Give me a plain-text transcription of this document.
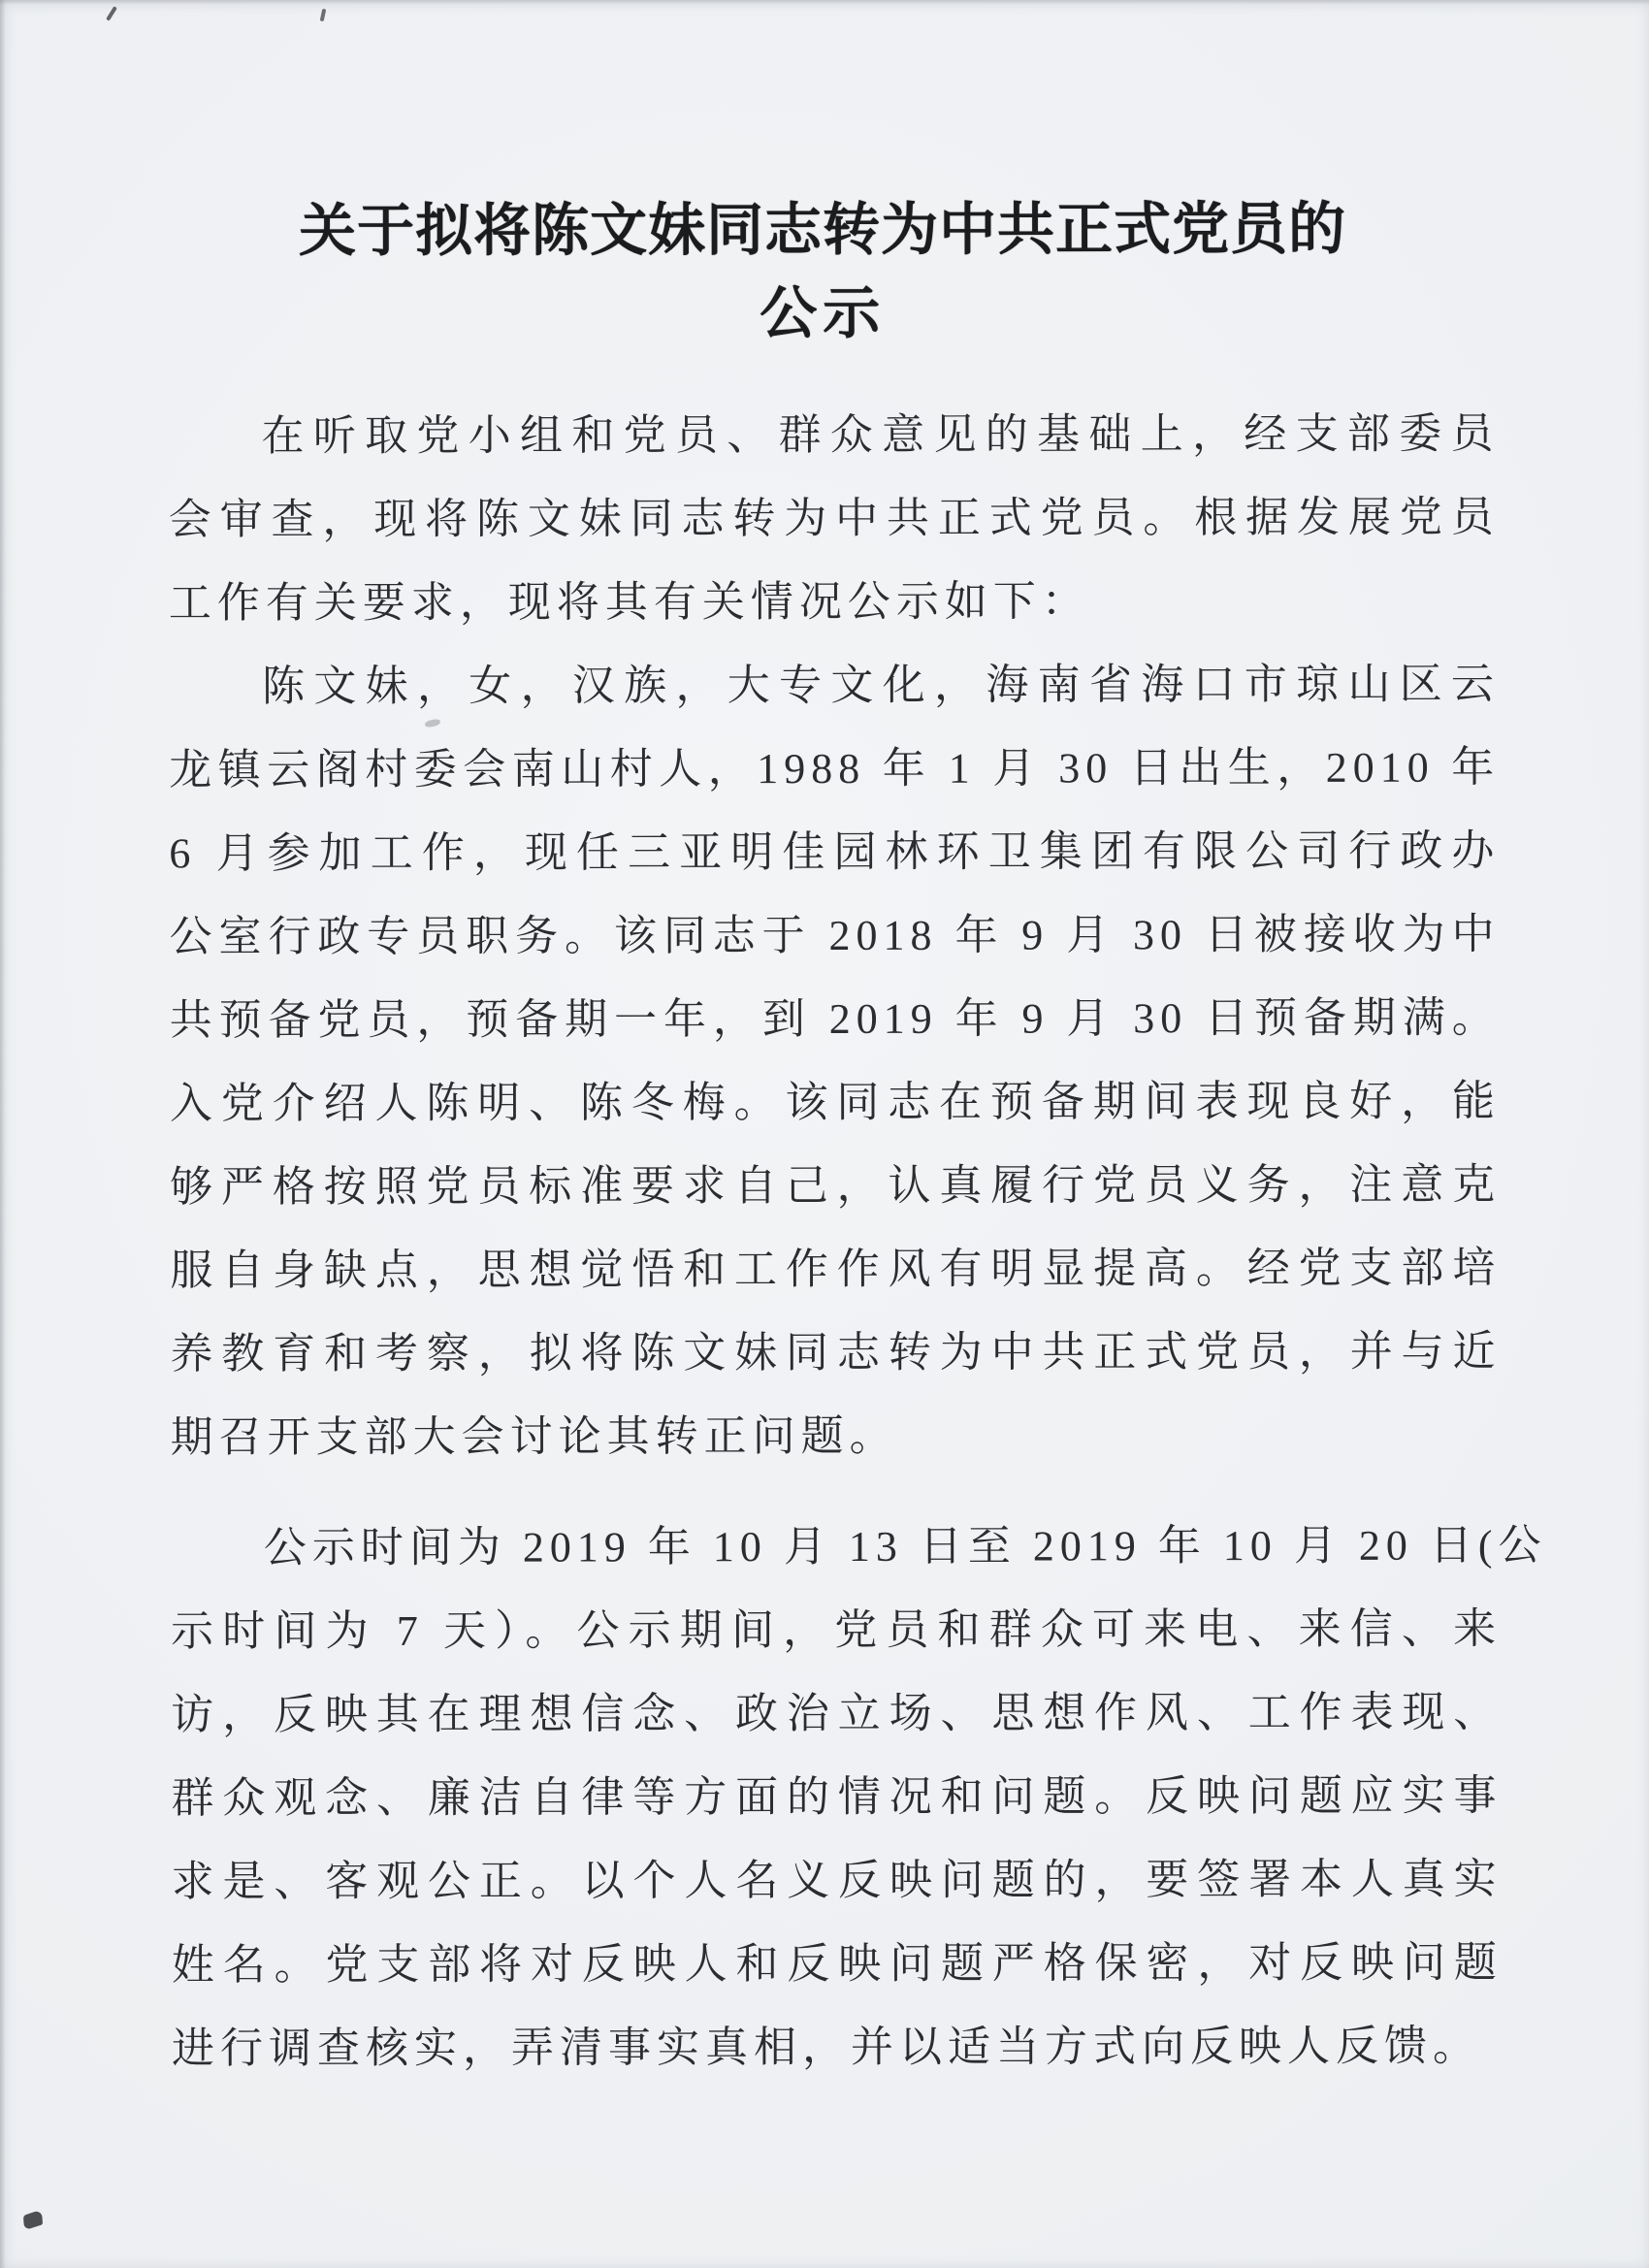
关于拟将陈文妹同志转为中共正式党员的
公示
在听取党小组和党员、群众意见的基础上，经支部委员
会审查，现将陈文妹同志转为中共正式党员。根据发展党员
工作有关要求，现将其有关情况公示如下：
陈文妹，女，汉族，大专文化，海南省海口市琼山区云
龙镇云阁村委会南山村人，1988 年 1 月 30 日出生，2010 年
6 月参加工作，现任三亚明佳园林环卫集团有限公司行政办
公室行政专员职务。该同志于 2018 年 9 月 30 日被接收为中
共预备党员，预备期一年，到 2019 年 9 月 30 日预备期满。
入党介绍人陈明、陈冬梅。该同志在预备期间表现良好，能
够严格按照党员标准要求自己，认真履行党员义务，注意克
服自身缺点，思想觉悟和工作作风有明显提高。经党支部培
养教育和考察，拟将陈文妹同志转为中共正式党员，并与近
期召开支部大会讨论其转正问题。
公示时间为 2019 年 10 月 13 日至 2019 年 10 月 20 日(公
示时间为 7 天）。公示期间，党员和群众可来电、来信、来
访，反映其在理想信念、政治立场、思想作风、工作表现、
群众观念、廉洁自律等方面的情况和问题。反映问题应实事
求是、客观公正。以个人名义反映问题的，要签署本人真实
姓名。党支部将对反映人和反映问题严格保密，对反映问题
进行调查核实，弄清事实真相，并以适当方式向反映人反馈。
